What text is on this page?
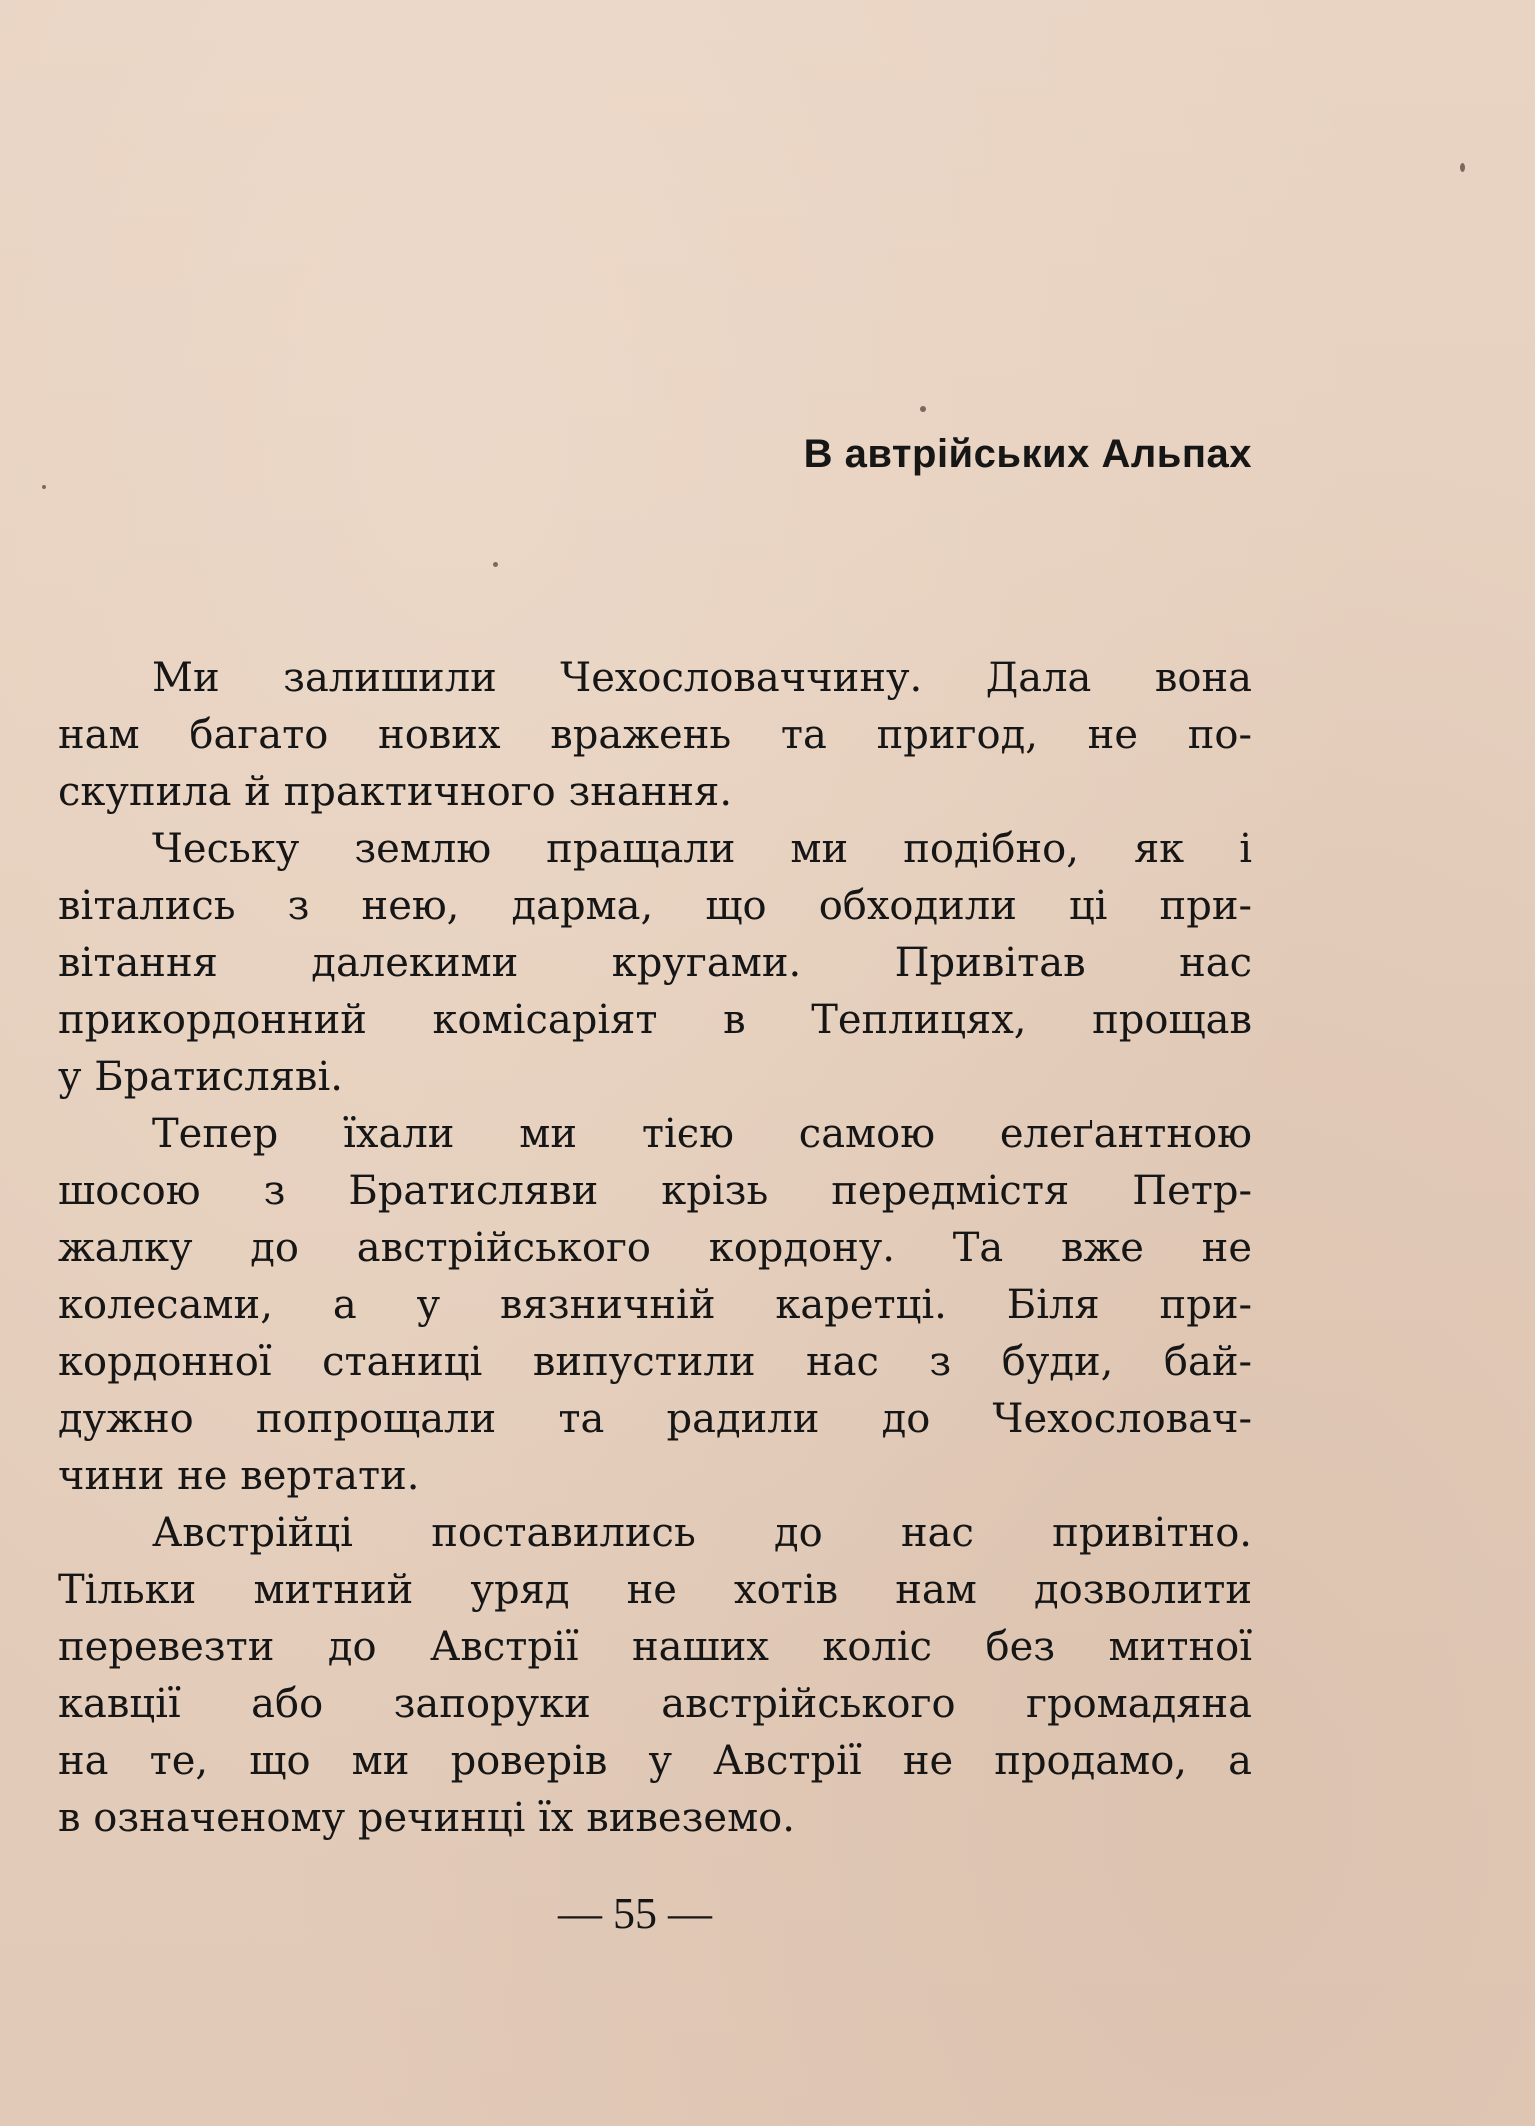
В автрійських Альпах

Ми залишили Чехословаччину. Дала вона
нам багато нових вражень та пригод, не по-
скупила й практичного знання.

Чеську землю пращали ми подібно, як і
вітались з нею, дарма, що обходили ці при-
вітання далекими кругами. Привітав нас
прикордонний комісаріят в Теплицях, прощав
у Братисляві.

Тепер їхали ми тією самою елеґантною
шосою з Братисляви крізь передмістя Петр-
жалку до австрійського кордону. Та вже не
колесами, а у вязничній каретці. Біля при-
кордонної станиці випустили нас з буди, бай-
дужно попрощали та радили до Чехословач-
чини не вертати.

Австрійці поставились до нас привітно.
Тільки митний уряд не хотів нам дозволити
перевезти до Австрії наших коліс без митної
кавції або запоруки австрійського громадяна
на те, що ми роверів у Австрії не продамо, а
в означеному речинці їх вивеземо.

— 55 —
